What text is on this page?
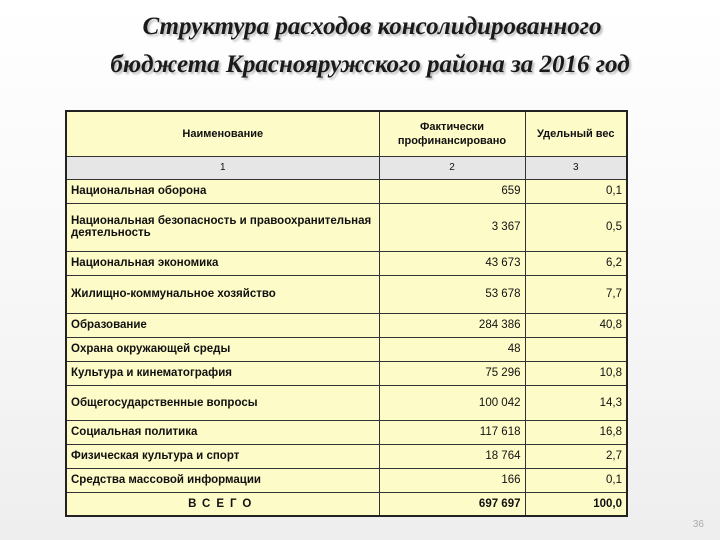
Структура расходов консолидированного
бюджета Краснояружского района за 2016 год
Наименование	Фактически профинансировано	Удельный вес
1	2	3
Национальная оборона	659	0,1
Национальная безопасность и правоохранительная деятельность	3 367	0,5
Национальная экономика	43 673	6,2
Жилищно-коммунальное хозяйство	53 678	7,7
Образование	284 386	40,8
Охрана окружающей среды	48	
Культура и кинематография	75 296	10,8
Общегосударственные вопросы	100 042	14,3
Социальная политика	117 618	16,8
Физическая культура и спорт	18 764	2,7
Средства массовой информации	166	0,1
ВСЕГО	697 697	100,0
36
